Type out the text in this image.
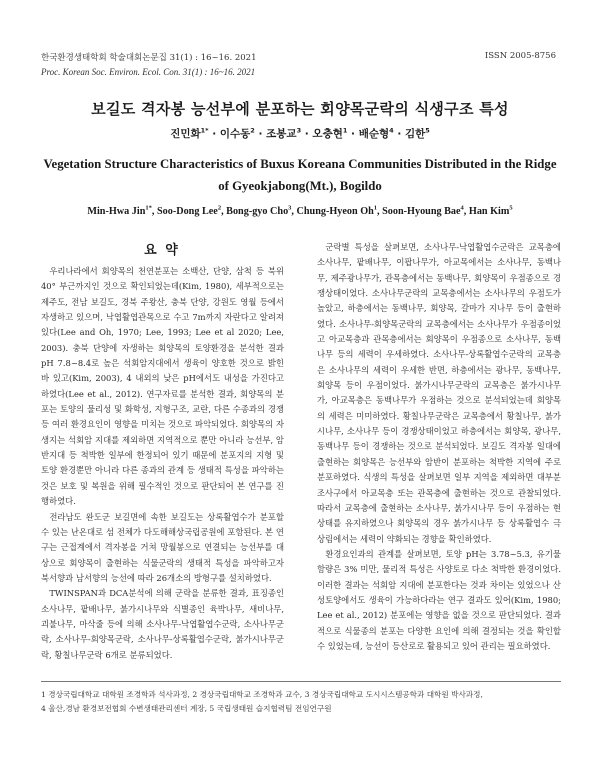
한국환경생태학회 학술대회논문집 31(1) : 16~16. 2021
Proc. Korean Soc. Environ. Ecol. Con. 31(1) : 16~16. 2021
ISSN 2005-8756
보길도 격자봉 능선부에 분포하는 회양목군락의 식생구조 특성
진민화$^{1*}$ · 이수동$^2$ · 조봉교$^3$ · 오충현$^1$ · 배순형$^4$ · 김한$^5$
Vegetation Structure Characteristics of Buxus Koreana Communities Distributed in the Ridge of Gyeokjabong(Mt.), Bogildo
Min-Hwa Jin$^{1*}$, Soo-Dong Lee$^2$, Bong-gyo Cho$^3$, Chung-Hyeon Oh$^1$, Soon-Hyoung Bae$^4$, Han Kim$^5$
요 약

우리나라에서 회양목의 천연분포는 소백산, 단양, 삼척 등 북위 40° 부근까지인 것으로 확인되었는데(Kim, 1980), 세부적으로는 제주도, 전남 보길도, 경북 주왕산, 충북 단양, 강원도 영월 등에서 자생하고 있으며, 낙엽활엽관목으로 수고 7m까지 자란다고 알려져 있다(Lee and Oh, 1970; Lee, 1993; Lee et al 2020; Lee, 2003). 충북 단양에 자생하는 회양목의 토양환경을 분석한 결과 pH 7.8~8.4로 높은 석회암지대에서 생육이 양호한 것으로 밝힌 바 있고(Kim, 2003), 4 내외의 낮은 pH에서도 내성을 가진다고 하였다(Lee et al., 2012). 연구자료를 분석한 결과, 회양목의 분포는 토양의 물리성 및 화학성, 지형구조, 교란, 다른 수종과의 경쟁 등 여러 환경요인이 영향을 미치는 것으로 파악되었다. 회양목의 자생지는 석회암 지대를 제외하면 지역적으로 뿐만 아니라 능선부, 암반지대 등 척박한 일부에 한정되어 있기 때문에 분포지의 지형 및 토양 환경뿐만 아니라 다른 종과의 관계 등 생태적 특성을 파악하는 것은 보호 및 복원을 위해 필수적인 것으로 판단되어 본 연구를 진행하였다.

전라남도 완도군 보길면에 속한 보길도는 상록활엽수가 분포할 수 있는 난온대로 섬 전체가 다도해해상국립공원에 포함된다. 본 연구는 근접계에서 격자봉을 거쳐 망월봉으로 연결되는 능선부를 대상으로 회양목이 출현하는 식물군락의 생태적 특성을 파악하고자 북서향과 남서향의 능선에 따라 26개소의 방형구를 설치하였다.

TWINSPAN과 DCA분석에 의해 군락을 분류한 결과, 표징종인 소사나무, 팥배나무, 붉가시나무와 식별종인 육박나무, 새비나무, 괴불나무, 마삭줄 등에 의해 소사나무-낙엽활엽수군락, 소사나무군락, 소사나무-회양목군락, 소사나무-상록활엽수군락, 붉가시나무군락, 황칠나무군락 6개로 분류되었다.

군락별 특성을 살펴보면, 소사나무-낙엽활엽수군락은 교목층에 소사나무, 팥배나무, 이팝나무가, 아교목에서는 소사나무, 동백나무, 제주광나무가, 관목층에서는 동백나무, 회양목이 우점종으로 경쟁상태이었다. 소사나무군락의 교목층에서는 소사나무의 우점도가 높았고, 하층에서는 동백나무, 회양목, 갈마가 지나무 등이 출현하였다. 소사나무-회양목군락의 교목층에서는 소사나무가 우점종이었고 아교목층과 관목층에서는 회양목이 우점종으로 소사나무, 동백나무 등의 세력이 우세하였다. 소사나무-상록활엽수군락의 교목층은 소사나무의 세력이 우세한 반면, 하층에서는 광나무, 동백나무, 회양목 등이 우점이었다. 붉가시나무군락의 교목층은 붉가시나무가, 아교목층은 동백나무가 우점하는 것으로 분석되었는데 회양목의 세력은 미미하였다. 황칠나무군락은 교목층에서 황칠나무, 붉가시나무, 소사나무 등이 경쟁상태이었고 하층에서는 회양목, 광나무, 동백나무 등이 경쟁하는 것으로 분석되었다. 보길도 격자봉 일대에 출현하는 회양목은 능선부와 암반이 분포하는 척박한 지역에 주로 분포하였다. 식생의 특성을 살펴보면 일부 지역을 제외하면 대부분 조사구에서 아교목층 또는 관목층에 출현하는 것으로 관찰되었다. 따라서 교목층에 출현하는 소사나무, 붉가시나무 등이 우점하는 현 상태를 유지하였으나 회양목의 경우 붉가시나무 등 상록활엽수 극상림에서는 세력이 약화되는 경향을 확인하였다.

환경요인과의 관계를 살펴보면, 토양 pH는 3.78~5.3, 유기물 함량은 3% 미만, 물리적 특성은 사양토로 다소 척박한 환경이었다. 이러한 결과는 석회암 지대에 분포한다는 것과 차이는 있었으나 산성토양에서도 생육이 가능하다라는 연구 결과도 있어(Kim, 1980; Lee et al., 2012) 분포에는 영향을 없을 것으로 판단되었다. 결과적으로 식물종의 분포는 다양한 요인에 의해 결정되는 것을 확인할 수 있었는데, 능선이 등산로로 활용되고 있어 관리는 필요하였다.

1 경상국립대학교 대학원 조경학과 석사과정, 2 경상국립대학교 조경학과 교수, 3 경상국립대학교 도시시스템공학과 대학원 박사과정,
4 울산,경남 환경보전협회 수변생태관리센터 계장, 5 국립생태원 습지협력팀 전임연구원
